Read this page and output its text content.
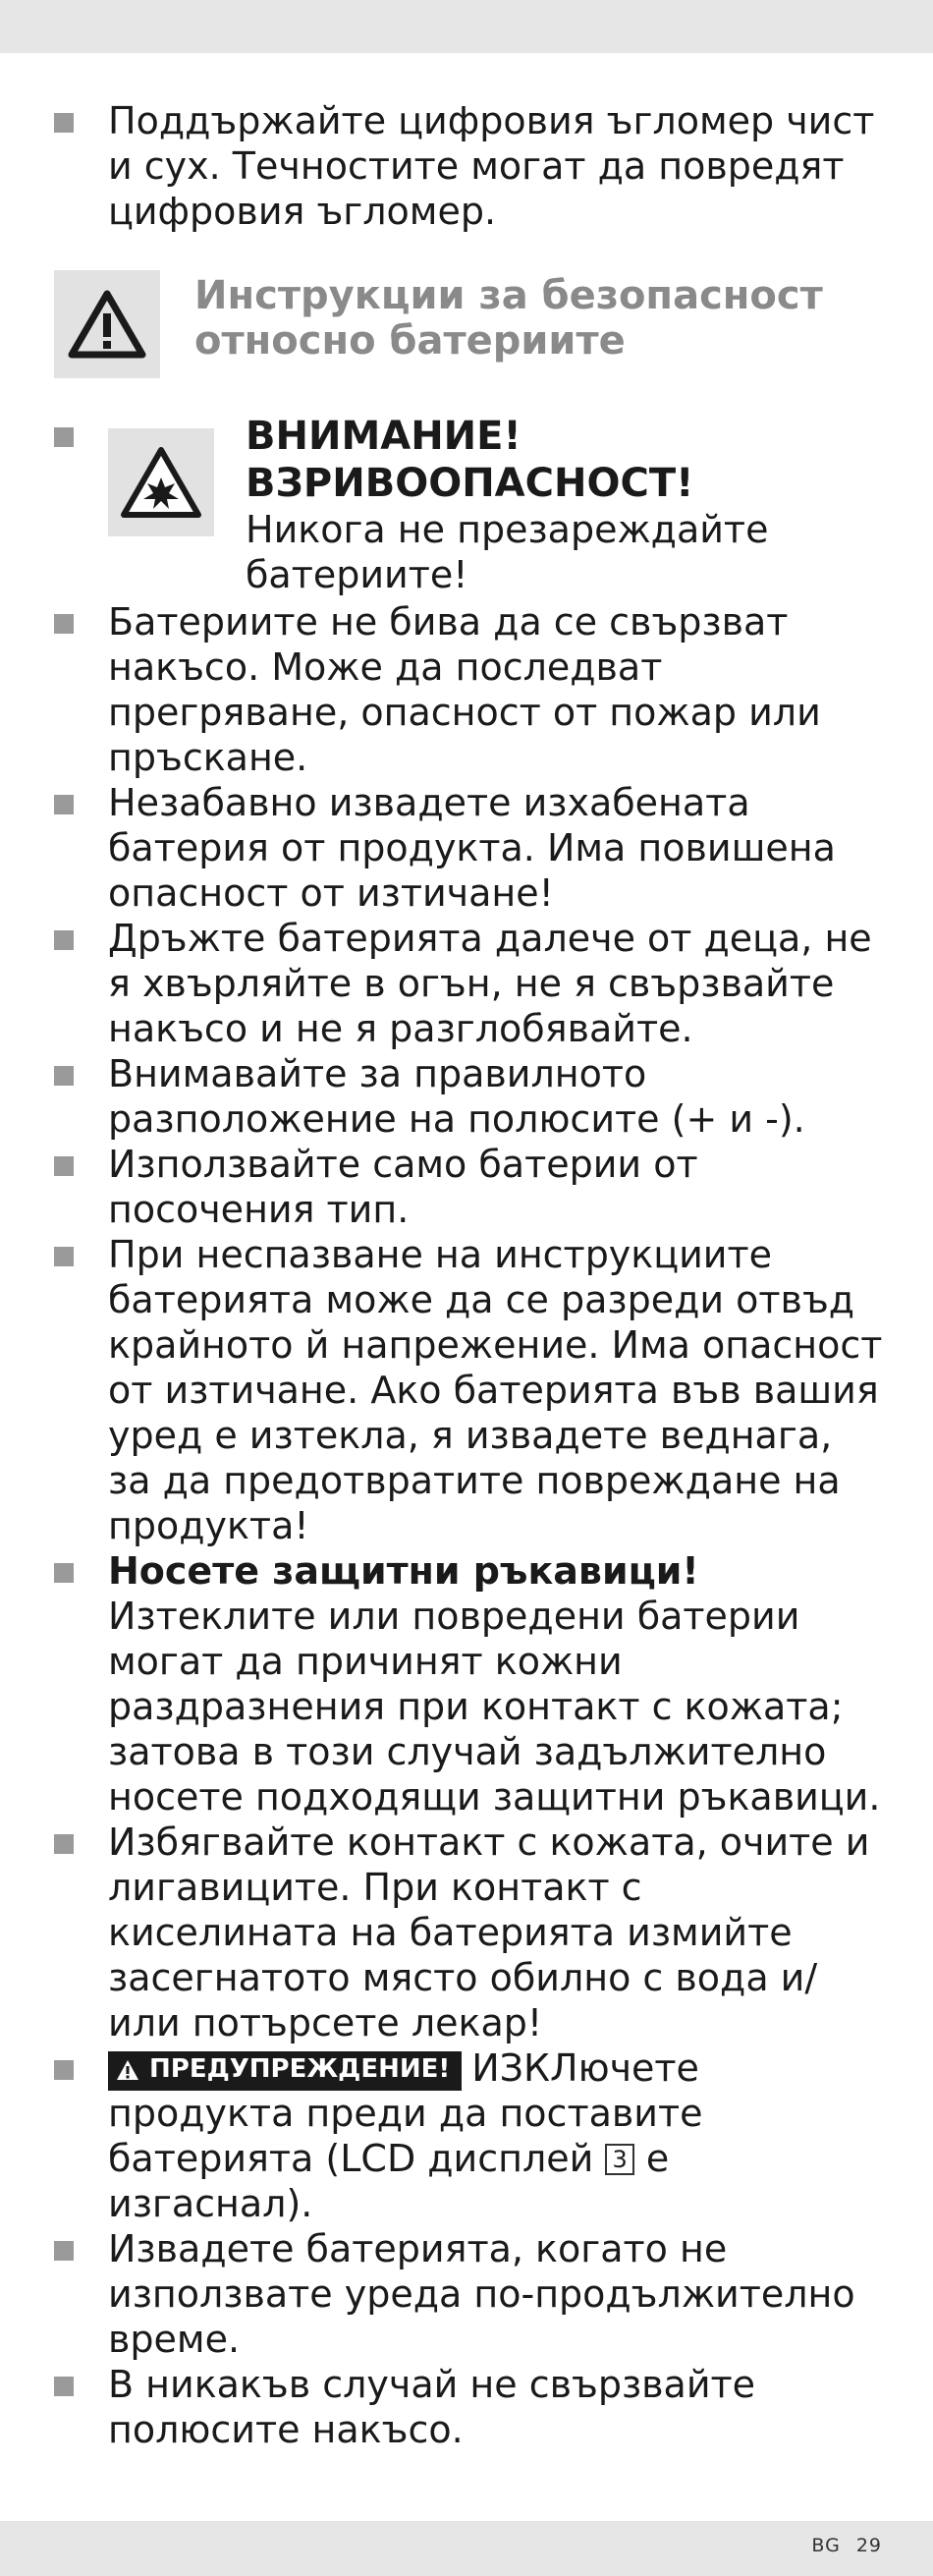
Поддържайте цифровия ъгломер чист и сух. Течностите могат да повредят цифровия ъгломер.
Инструкции за безопасност относно батериите
ВНИМАНИЕ!
ВЗРИВООПАСНОСТ!
Никога не презареждайте батериите!
Батериите не бива да се свързват накъсо. Може да последват прегряване, опасност от пожар или пръскане.
Незабавно извадете изхабената батерия от продукта. Има повишена опасност от изтичане!
Дръжте батерията далече от деца, не я хвърляйте в огън, не я свързвайте накъсо и не я разглобявайте.
Внимавайте за правилното разположение на полюсите (+ и -).
Използвайте само батерии от посочения тип.
При неспазване на инструкциите батерията може да се разреди отвъд крайното й напрежение. Има опасност от изтичане. Ако батерията във вашия уред е изтекла, я извадете веднага, за да предотвратите повреждане на продукта!
Носете защитни ръкавици!
Изтеклите или повредени батерии могат да причинят кожни раздразнения при контакт с кожата; затова в този случай задължително носете подходящи защитни ръкавици.
Избягвайте контакт с кожата, очите и лигавиците. При контакт с киселината на батерията измийте засегнатото място обилно с вода и/или потърсете лекар!
ПРЕДУПРЕЖДЕНИЕ! ИЗКЛючете продукта преди да поставите батерията (LCD дисплей 3 е изгаснал).
Извадете батерията, когато не използвате уреда по-продължително време.
В никакъв случай не свързвайте полюсите накъсо.
BG 29
